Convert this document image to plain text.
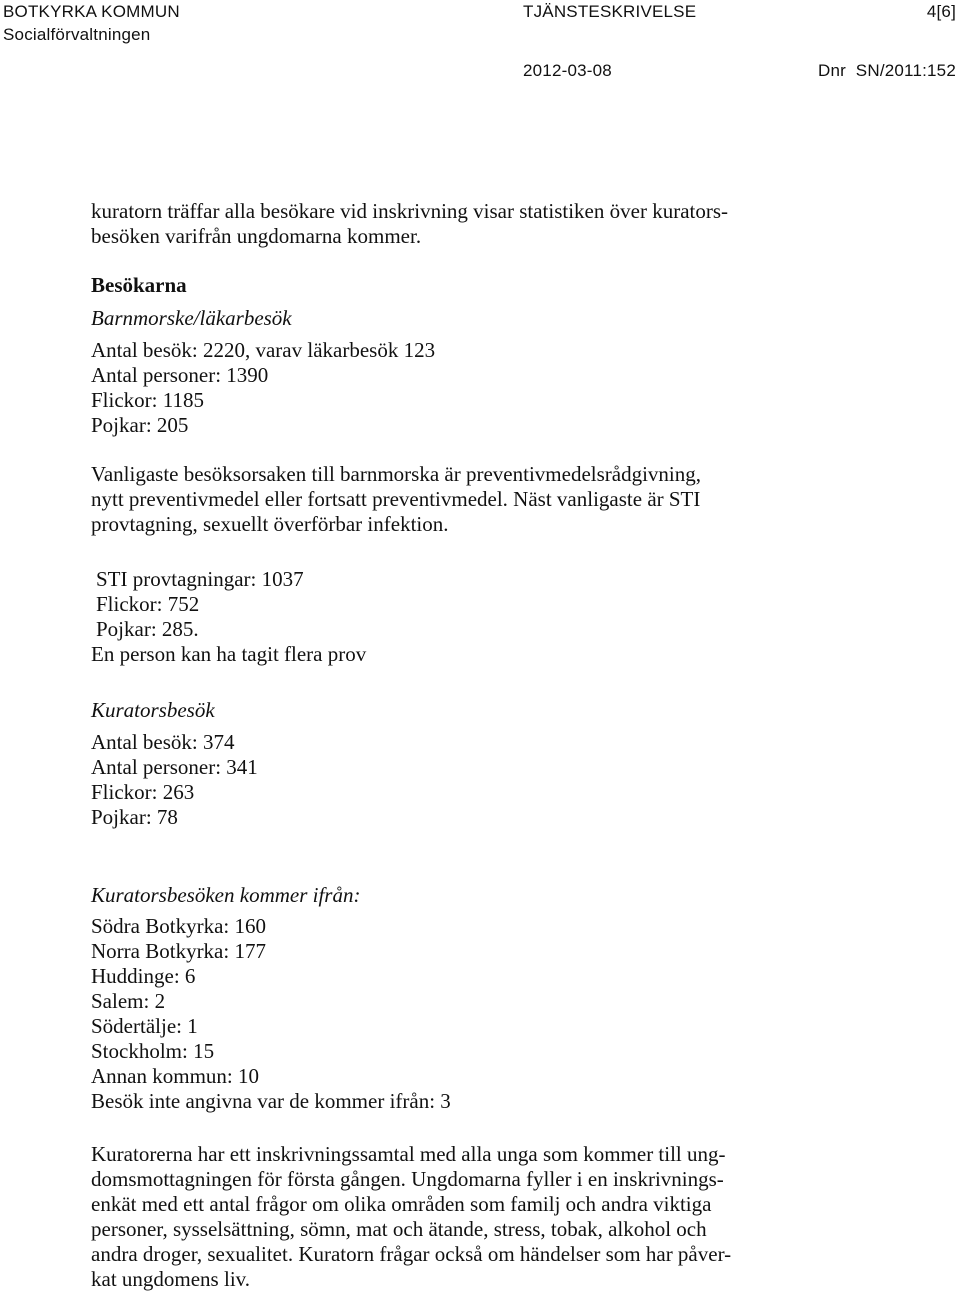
BOTKYRKA KOMMUN
Socialförvaltningen
TJÄNSTESKRIVELSE	4[6]
2012-03-08	Dnr  SN/2011:152

kuratorn träffar alla besökare vid inskrivning visar statistiken över kurators-

besöken varifrån ungdomarna kommer.

Besökarna

Barnmorske/läkarbesök

Antal besök: 2220, varav läkarbesök 123

Antal personer: 1390

Flickor: 1185

Pojkar: 205

Vanligaste besöksorsaken till barnmorska är preventivmedelsrådgivning,

nytt preventivmedel eller fortsatt preventivmedel. Näst vanligaste är STI

provtagning, sexuellt överförbar infektion.

STI provtagningar: 1037

Flickor: 752

Pojkar: 285.

En person kan ha tagit flera prov

Kuratorsbesök

Antal besök: 374

Antal personer: 341

Flickor: 263

Pojkar: 78

Kuratorsbesöken kommer ifrån:

Södra Botkyrka: 160

Norra Botkyrka: 177

Huddinge: 6

Salem: 2

Södertälje: 1

Stockholm: 15

Annan kommun: 10

Besök inte angivna var de kommer ifrån: 3

Kuratorerna har ett inskrivningssamtal med alla unga som kommer till ung-

domsmottagningen för första gången. Ungdomarna fyller i en inskrivnings-

enkät med ett antal frågor om olika områden som familj och andra viktiga

personer, sysselsättning, sömn, mat och ätande, stress, tobak, alkohol och

andra droger, sexualitet. Kuratorn frågar också om händelser som har påver-

kat ungdomens liv.
